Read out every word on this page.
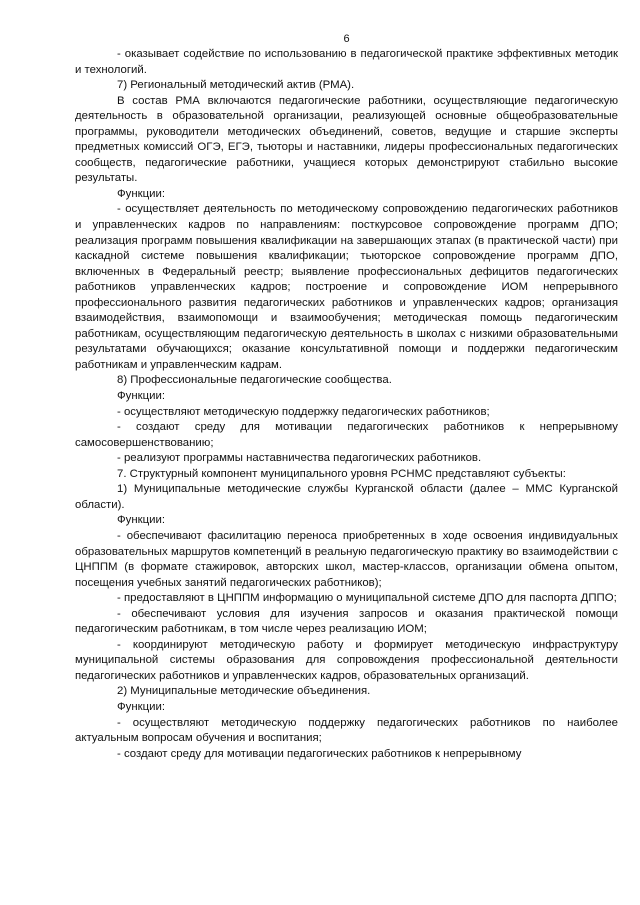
6

- оказывает содействие по использованию в педагогической практике эффективных методик и технологий.

7) Региональный методический актив (РМА).

В состав РМА включаются педагогические работники, осуществляющие педагогическую деятельность в образовательной организации, реализующей основные общеобразовательные программы, руководители методических объединений, советов, ведущие и старшие эксперты предметных комиссий ОГЭ, ЕГЭ, тьюторы и наставники, лидеры профессиональных педагогических сообществ, педагогические работники, учащиеся которых демонстрируют стабильно высокие результаты.

Функции:

- осуществляет деятельность по методическому сопровождению педагогических работников и управленческих кадров по направлениям: посткурсовое сопровождение программ ДПО; реализация программ повышения квалификации на завершающих этапах (в практической части) при каскадной системе повышения квалификации; тьюторское сопровождение программ ДПО, включенных в Федеральный реестр; выявление профессиональных дефицитов педагогических работников управленческих кадров; построение и сопровождение ИОМ непрерывного профессионального развития педагогических работников и управленческих кадров; организация взаимодействия, взаимопомощи и взаимообучения; методическая помощь педагогическим работникам, осуществляющим педагогическую деятельность в школах с низкими образовательными результатами обучающихся; оказание консультативной помощи и поддержки педагогическим работникам и управленческим кадрам.

8) Профессиональные педагогические сообщества.

Функции:

- осуществляют методическую поддержку педагогических работников;

- создают среду для мотивации педагогических работников к непрерывному самосовершенствованию;

- реализуют программы наставничества педагогических работников.

7. Структурный компонент муниципального уровня РСНМС представляют субъекты:

1) Муниципальные методические службы Курганской области (далее – ММС Курганской области).

Функции:

- обеспечивают фасилитацию переноса приобретенных в ходе освоения индивидуальных образовательных маршрутов компетенций в реальную педагогическую практику во взаимодействии с ЦНППМ (в формате стажировок, авторских школ, мастер-классов, организации обмена опытом, посещения учебных занятий педагогических работников);

- предоставляют в ЦНППМ информацию о муниципальной системе ДПО для паспорта ДППО;

- обеспечивают условия для изучения запросов и оказания практической помощи педагогическим работникам, в том числе через реализацию ИОМ;

- координируют методическую работу и формирует методическую инфраструктуру муниципальной системы образования для сопровождения профессиональной деятельности педагогических работников и управленческих кадров, образовательных организаций.

2) Муниципальные методические объединения.

Функции:

- осуществляют методическую поддержку педагогических работников по наиболее актуальным вопросам обучения и воспитания;

- создают среду для мотивации педагогических работников к непрерывному
